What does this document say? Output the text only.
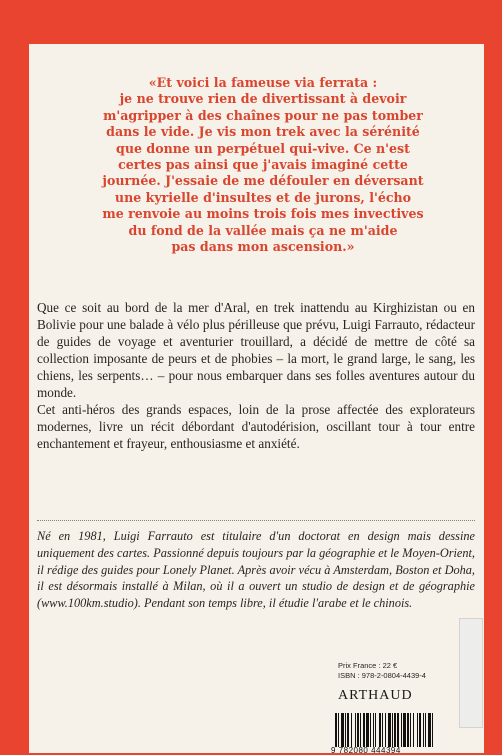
«Et voici la fameuse via ferrata :
je ne trouve rien de divertissant à devoir
m'agripper à des chaînes pour ne pas tomber
dans le vide. Je vis mon trek avec la sérénité
que donne un perpétuel qui-vive. Ce n'est
certes pas ainsi que j'avais imaginé cette
journée. J'essaie de me défouler en déversant
une kyrielle d'insultes et de jurons, l'écho
me renvoie au moins trois fois mes invectives
du fond de la vallée mais ça ne m'aide
pas dans mon ascension.»

Que ce soit au bord de la mer d'Aral, en trek inattendu au Kirghizistan ou en Bolivie pour une balade à vélo plus périlleuse que prévu, Luigi Farrauto, rédacteur de guides de voyage et aventurier trouillard, a décidé de mettre de côté sa collection imposante de peurs et de phobies – la mort, le grand large, le sang, les chiens, les serpents… – pour nous embarquer dans ses folles aventures autour du monde.

Cet anti-héros des grands espaces, loin de la prose affectée des explorateurs modernes, livre un récit débordant d'autodérision, oscillant tour à tour entre enchantement et frayeur, enthousiasme et anxiété.

Né en 1981, Luigi Farrauto est titulaire d'un doctorat en design mais dessine uniquement des cartes. Passionné depuis toujours par la géographie et le Moyen-Orient, il rédige des guides pour Lonely Planet. Après avoir vécu à Amsterdam, Boston et Doha, il est désormais installé à Milan, où il a ouvert un studio de design et de géographie (www.100km.studio). Pendant son temps libre, il étudie l'arabe et le chinois.
Prix France : 22 €
ISBN : 978-2-0804-4439-4
ARTHAUD
9 782080 444394
